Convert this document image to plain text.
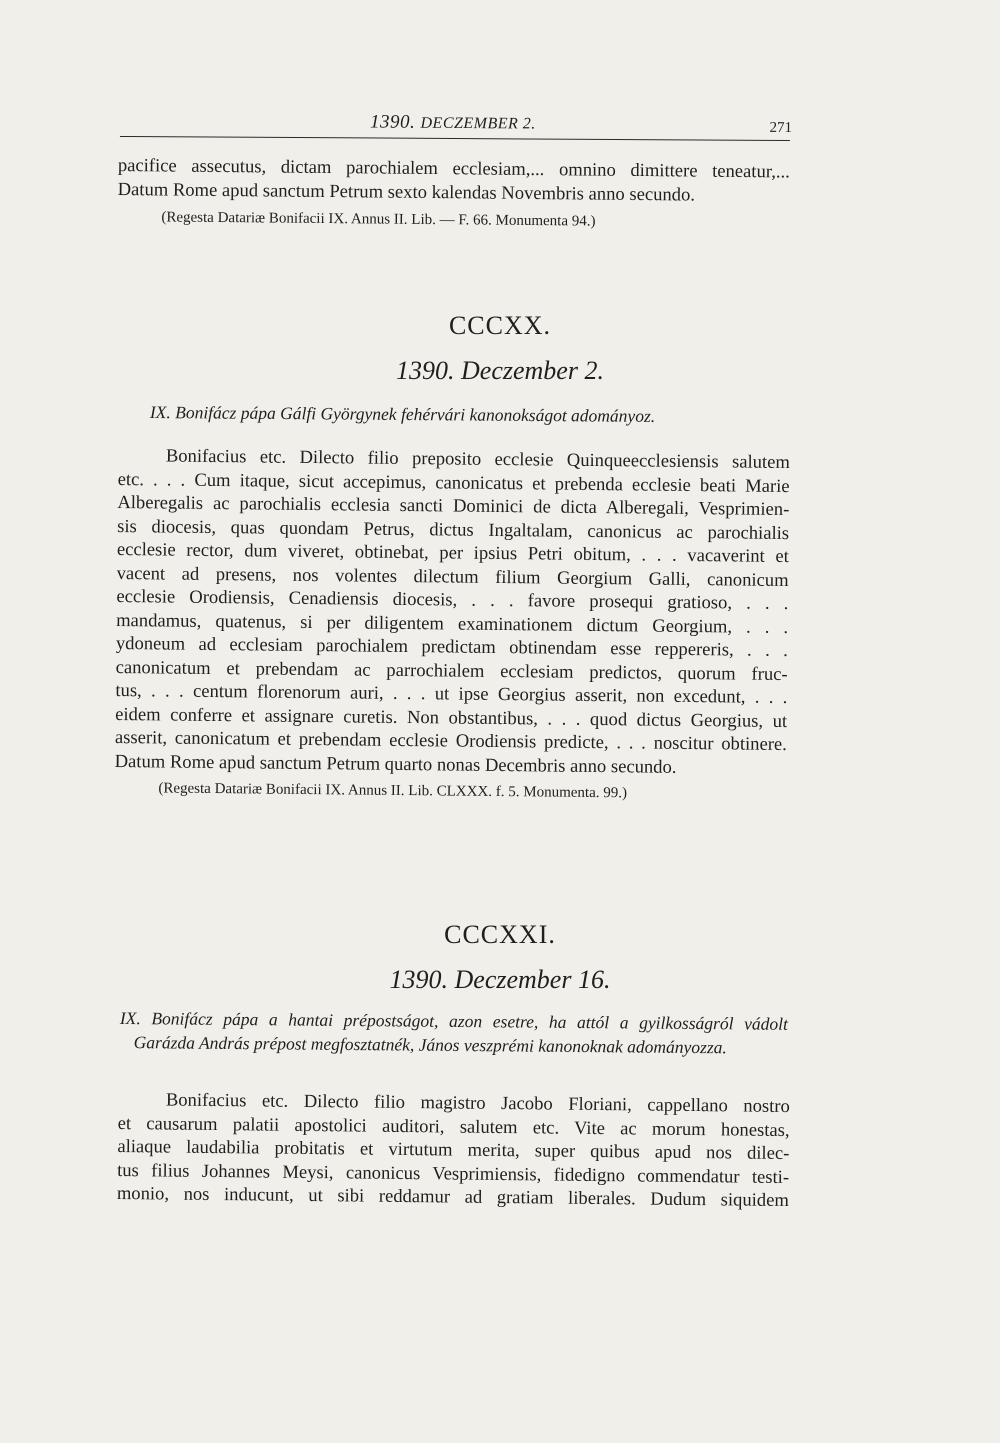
1390. DECZEMBER 2.	271
pacifice assecutus, dictam parochialem ecclesiam,... omnino dimittere teneatur,...
Datum Rome apud sanctum Petrum sexto kalendas Novembris anno secundo.
(Regesta Datariæ Bonifacii IX. Annus II. Lib. — F. 66. Monumenta 94.)
CCCXX.
1390. Deczember 2.
IX. Bonifácz pápa Gálfi Györgynek fehérvári kanonokságot adományoz.
Bonifacius etc. Dilecto filio preposito ecclesie Quinqueecclesiensis salutem
etc. . . . Cum itaque, sicut accepimus, canonicatus et prebenda ecclesie beati Marie
Alberegalis ac parochialis ecclesia sancti Dominici de dicta Alberegali, Vesprimien-
sis diocesis, quas quondam Petrus, dictus Ingaltalam, canonicus ac parochialis
ecclesie rector, dum viveret, obtinebat, per ipsius Petri obitum, . . . vacaverint et
vacent ad presens, nos volentes dilectum filium Georgium Galli, canonicum
ecclesie Orodiensis, Cenadiensis diocesis, . . . favore prosequi gratioso, . . .
mandamus, quatenus, si per diligentem examinationem dictum Georgium, . . .
ydoneum ad ecclesiam parochialem predictam obtinendam esse reppereris, . . .
canonicatum et prebendam ac parrochialem ecclesiam predictos, quorum fruc-
tus, . . . centum florenorum auri, . . . ut ipse Georgius asserit, non excedunt, . . .
eidem conferre et assignare curetis. Non obstantibus, . . . quod dictus Georgius, ut
asserit, canonicatum et prebendam ecclesie Orodiensis predicte, . . . noscitur obtinere.
Datum Rome apud sanctum Petrum quarto nonas Decembris anno secundo.
(Regesta Datariæ Bonifacii IX. Annus II. Lib. CLXXX. f. 5. Monumenta. 99.)
CCCXXI.
1390. Deczember 16.
IX. Bonifácz pápa a hantai prépostságot, azon esetre, ha attól a gyilkosságról vádolt
Garázda András prépost megfosztatnék, János veszprémi kanonoknak adományozza.
Bonifacius etc. Dilecto filio magistro Jacobo Floriani, cappellano nostro
et causarum palatii apostolici auditori, salutem etc. Vite ac morum honestas,
aliaque laudabilia probitatis et virtutum merita, super quibus apud nos dilec-
tus filius Johannes Meysi, canonicus Vesprimiensis, fidedigno commendatur testi-
monio, nos inducunt, ut sibi reddamur ad gratiam liberales. Dudum siquidem
